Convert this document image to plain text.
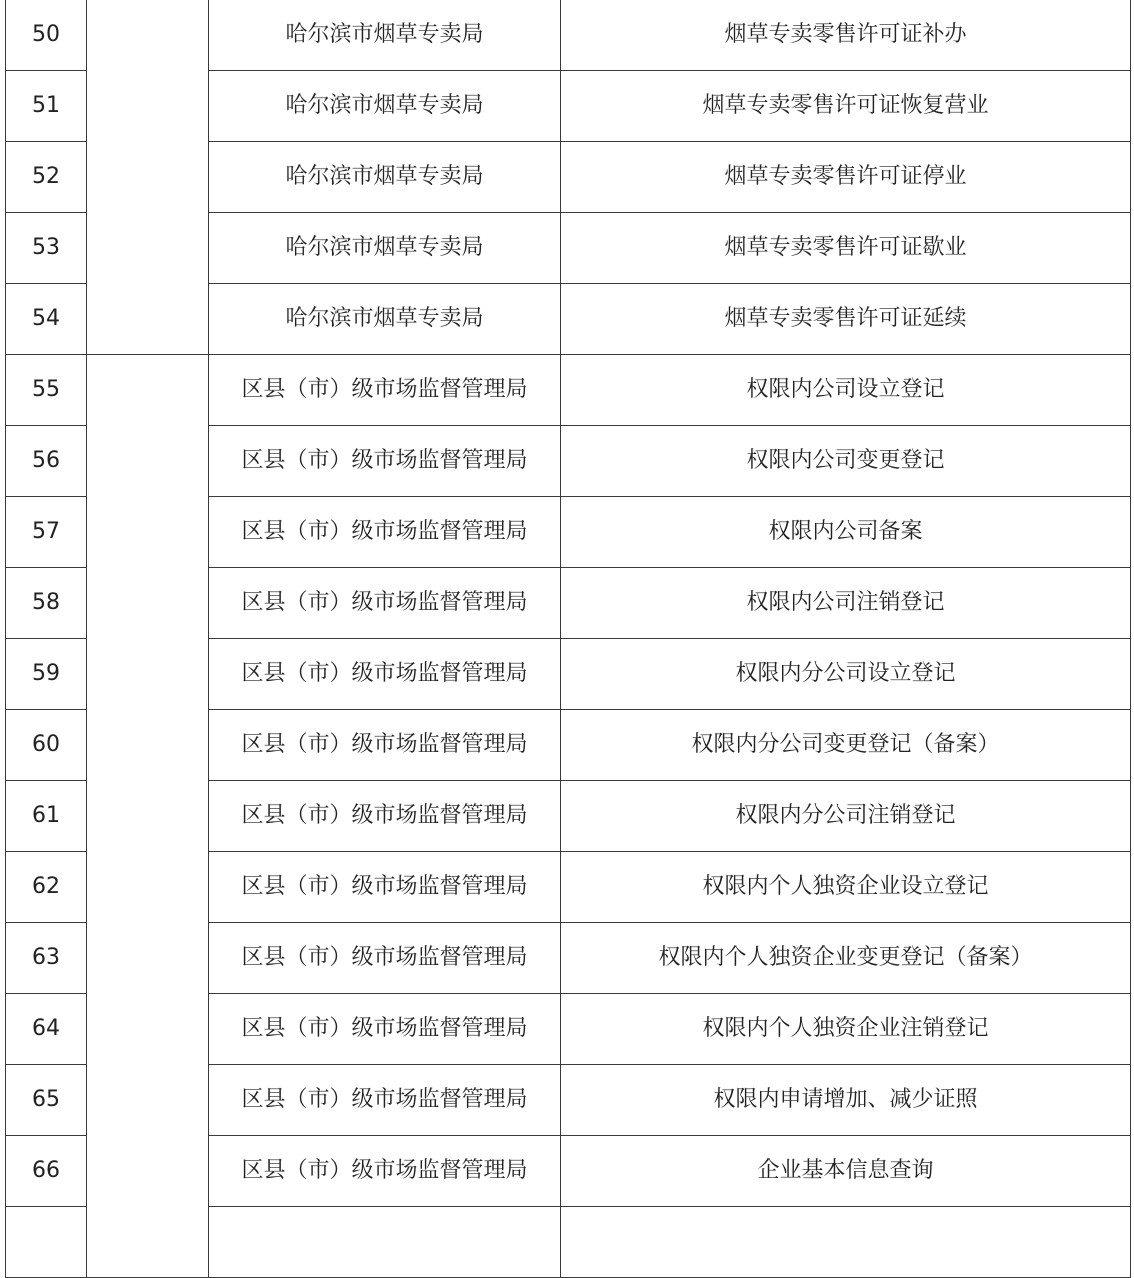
50		哈尔滨市烟草专卖局	烟草专卖零售许可证补办
51		哈尔滨市烟草专卖局	烟草专卖零售许可证恢复营业
52		哈尔滨市烟草专卖局	烟草专卖零售许可证停业
53		哈尔滨市烟草专卖局	烟草专卖零售许可证歇业
54		哈尔滨市烟草专卖局	烟草专卖零售许可证延续
55		区县（市）级市场监督管理局	权限内公司设立登记
56		区县（市）级市场监督管理局	权限内公司变更登记
57		区县（市）级市场监督管理局	权限内公司备案
58		区县（市）级市场监督管理局	权限内公司注销登记
59		区县（市）级市场监督管理局	权限内分公司设立登记
60		区县（市）级市场监督管理局	权限内分公司变更登记（备案）
61		区县（市）级市场监督管理局	权限内分公司注销登记
62		区县（市）级市场监督管理局	权限内个人独资企业设立登记
63		区县（市）级市场监督管理局	权限内个人独资企业变更登记（备案）
64		区县（市）级市场监督管理局	权限内个人独资企业注销登记
65		区县（市）级市场监督管理局	权限内申请增加、减少证照
66		区县（市）级市场监督管理局	企业基本信息查询
